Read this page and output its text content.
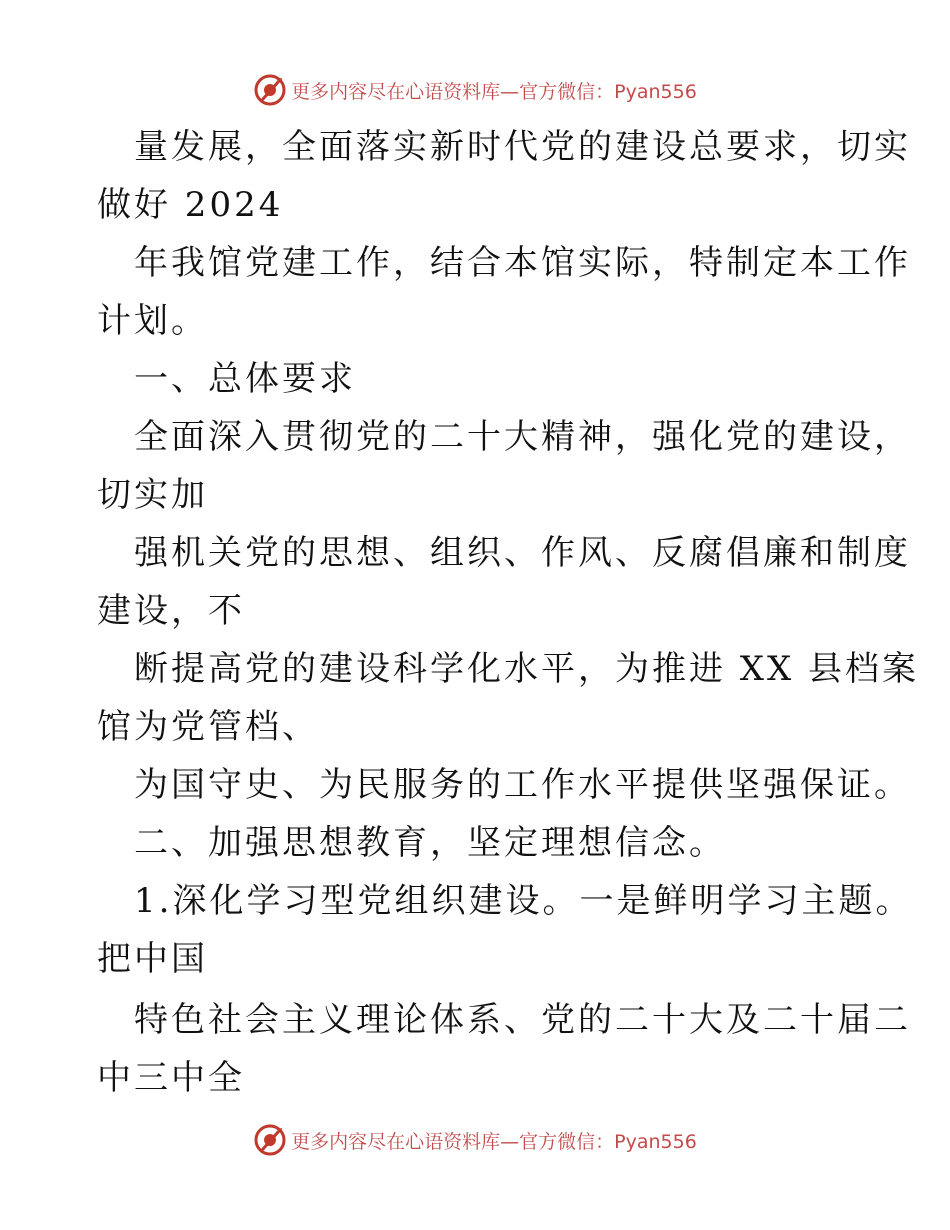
更多内容尽在心语资料库—官方微信：Pyan556
量发展，全面落实新时代党的建设总要求，切实
做好 2024
年我馆党建工作，结合本馆实际，特制定本工作
计划。
一、总体要求
全面深入贯彻党的二十大精神，强化党的建设，
切实加
强机关党的思想、组织、作风、反腐倡廉和制度
建设，不
断提高党的建设科学化水平，为推进 XX 县档案
馆为党管档、
为国守史、为民服务的工作水平提供坚强保证。
二、加强思想教育，坚定理想信念。
1.深化学习型党组织建设。一是鲜明学习主题。
把中国
特色社会主义理论体系、党的二十大及二十届二
中三中全
更多内容尽在心语资料库—官方微信：Pyan556
